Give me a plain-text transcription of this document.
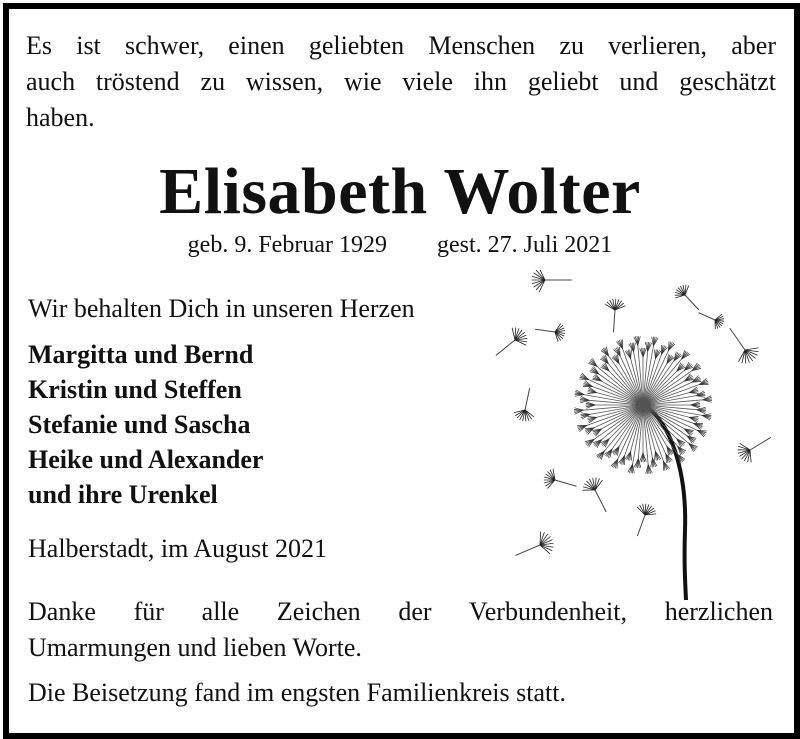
Es ist schwer, einen geliebten Menschen zu verlieren, aber
auch tröstend zu wissen, wie viele ihn geliebt und geschätzt
haben.
Elisabeth Wolter
geb. 9. Februar 1929 gest. 27. Juli 2021
Wir behalten Dich in unseren Herzen
Margitta und Bernd
Kristin und Steffen
Stefanie und Sascha
Heike und Alexander
und ihre Urenkel
Halberstadt, im August 2021
Danke für alle Zeichen der Verbundenheit, herzlichen
Umarmungen und lieben Worte.
Die Beisetzung fand im engsten Familienkreis statt.
